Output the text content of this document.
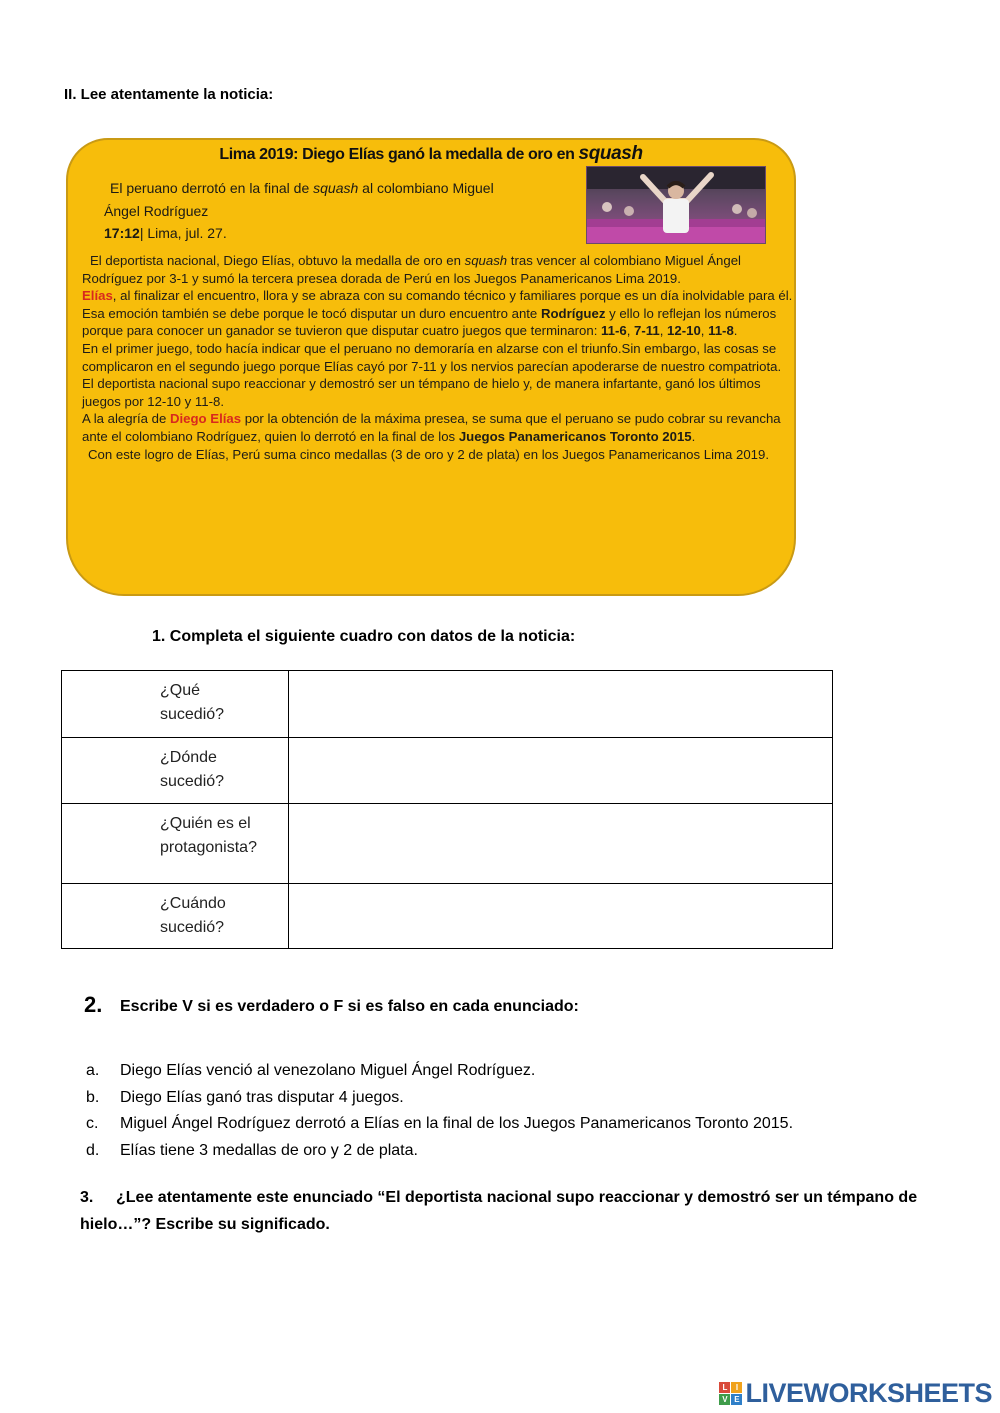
II. Lee atentamente la noticia:
Lima 2019: Diego Elías ganó la medalla de oro en squash
El peruano derrotó en la final de squash al colombiano Miguel
Ángel Rodríguez
17:12| Lima, jul. 27.

El deportista nacional, Diego Elías, obtuvo la medalla de oro en squash tras vencer al colombiano Miguel Ángel Rodríguez por 3-1 y sumó la tercera presea dorada de Perú en los Juegos Panamericanos Lima 2019.

Elías, al finalizar el encuentro, llora y se abraza con su comando técnico y familiares porque es un día inolvidable para él. Esa emoción también se debe porque le tocó disputar un duro encuentro ante Rodríguez y ello lo reflejan los números porque para conocer un ganador se tuvieron que disputar cuatro juegos que terminaron: 11-6, 7-11, 12-10, 11-8.

En el primer juego, todo hacía indicar que el peruano no demoraría en alzarse con el triunfo.Sin embargo, las cosas se complicaron en el segundo juego porque Elías cayó por 7-11 y los nervios parecían apoderarse de nuestro compatriota.

El deportista nacional supo reaccionar y demostró ser un témpano de hielo y, de manera infartante, ganó los últimos juegos por 12-10 y 11-8.

A la alegría de Diego Elías por la obtención de la máxima presea, se suma que el peruano se pudo cobrar su revancha ante el colombiano Rodríguez, quien lo derrotó en la final de los Juegos Panamericanos Toronto 2015.

Con este logro de Elías, Perú suma cinco medallas (3 de oro y 2 de plata) en los Juegos Panamericanos Lima 2019.

1. Completa el siguiente cuadro con datos de la noticia:
¿Qué
sucedió?	

¿Dónde
sucedió?	

¿Quién es el
protagonista?	

¿Cuándo
sucedió?	

2. Escribe V si es verdadero o F si es falso en cada enunciado:
a.	Diego Elías venció al venezolano Miguel Ángel Rodríguez.
b.	Diego Elías ganó tras disputar 4 juegos.
c.	Miguel Ángel Rodríguez derrotó a Elías en la final de los Juegos Panamericanos Toronto 2015.
d.	Elías tiene 3 medallas de oro y 2 de plata.
3. ¿Lee atentamente este enunciado “El deportista nacional supo reaccionar y demostró ser un témpano de hielo…”? Escribe su significado.
L	I
V E LIVEWORKSHEETS
